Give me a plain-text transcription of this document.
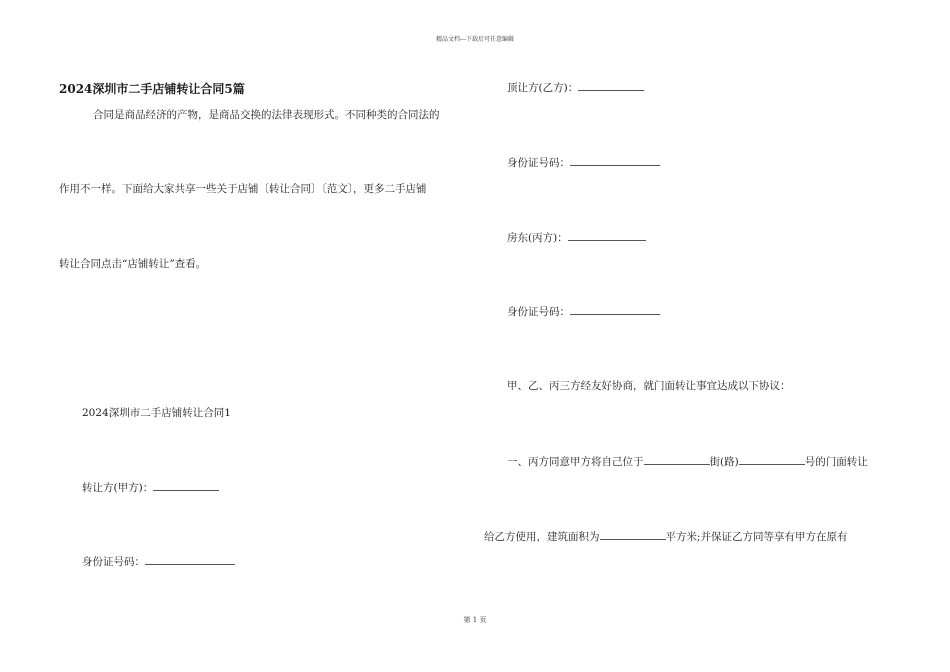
精品文档---下载后可任意编辑
第 1 页
2024深圳市二手店铺转让合同5篇
合同是商品经济的产物，是商品交换的法律表现形式。不同种类的合同法的
作用不一样。下面给大家共享一些关于店铺〔转让合同〕〔范文〕，更多二手店铺
转让合同点击“店铺转让”查看。
2024深圳市二手店铺转让合同1
转让方(甲方)：
身份证号码：
顶让方(乙方)：
身份证号码：
房东(丙方)：
身份证号码：
甲、乙、丙三方经友好协商，就门面转让事宜达成以下协议：
一、丙方同意甲方将自己位于	街(路)	号的门面转让
给乙方使用，建筑面积为	平方米;并保证乙方同等享有甲方在原有
